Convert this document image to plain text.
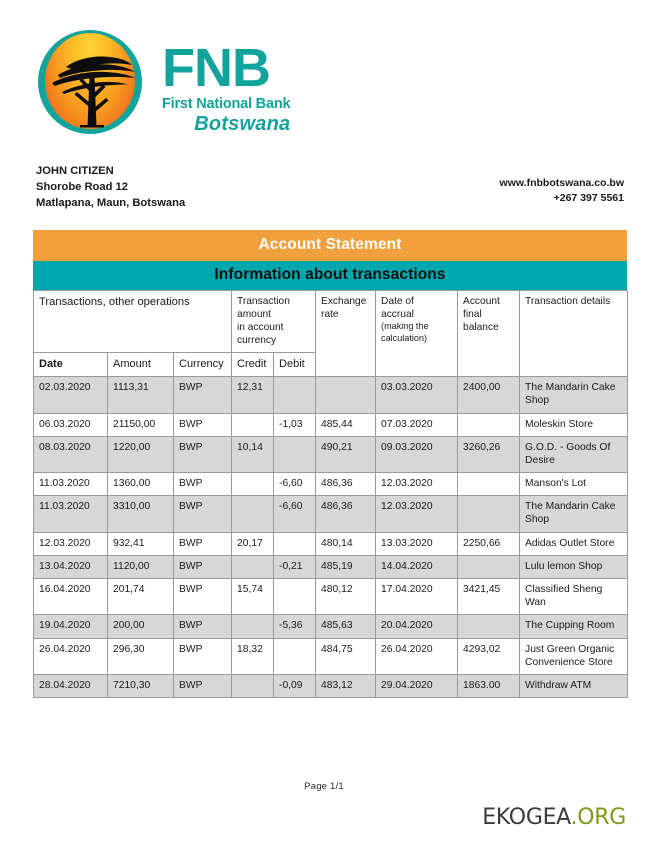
FNB
First National Bank
Botswana
JOHN CITIZEN
Shorobe Road 12
Matlapana, Maun, Botswana
www.fnbbotswana.co.bw
+267 397 5561
Account Statement
Information about transactions
Transactions, other operations			Transaction
amount
in account
currency		Exchange
rate	Date of
accrual
(making the calculation)	Account
final
balance	Transaction details
Date	Amount	Currency	Credit	Debit				
02.03.2020	1113,31	BWP	12,31			03.03.2020	2400,00	The Mandarin Cake Shop
06.03.2020	21150,00	BWP		-1,03	485,44	07.03.2020		Moleskin Store
08.03.2020	1220,00	BWP	10,14		490,21	09.03.2020	3260,26	G.O.D. - Goods Of Desire
11.03.2020	1360,00	BWP		-6,60	486,36	12.03.2020		Manson's Lot
11.03.2020	3310,00	BWP		-6,60	486,36	12.03.2020		The Mandarin Cake Shop
12.03.2020	932,41	BWP	20,17		480,14	13.03.2020	2250,66	Adidas Outlet Store
13.04.2020	1120,00	BWP		-0,21	485,19	14.04.2020		Lulu lemon Shop
16.04.2020	201,74	BWP	15,74		480,12	17.04.2020	3421,45	Classified Sheng Wan
19.04.2020	200,00	BWP		-5,36	485,63	20.04.2020		The Cupping Room
26.04.2020	296,30	BWP	18,32		484,75	26.04.2020	4293,02	Just Green Organic Convenience Store
28.04.2020	7210,30	BWP		-0,09	483,12	29.04.2020	1863.00	Withdraw ATM
Page 1/1
EKOGEA.ORG
